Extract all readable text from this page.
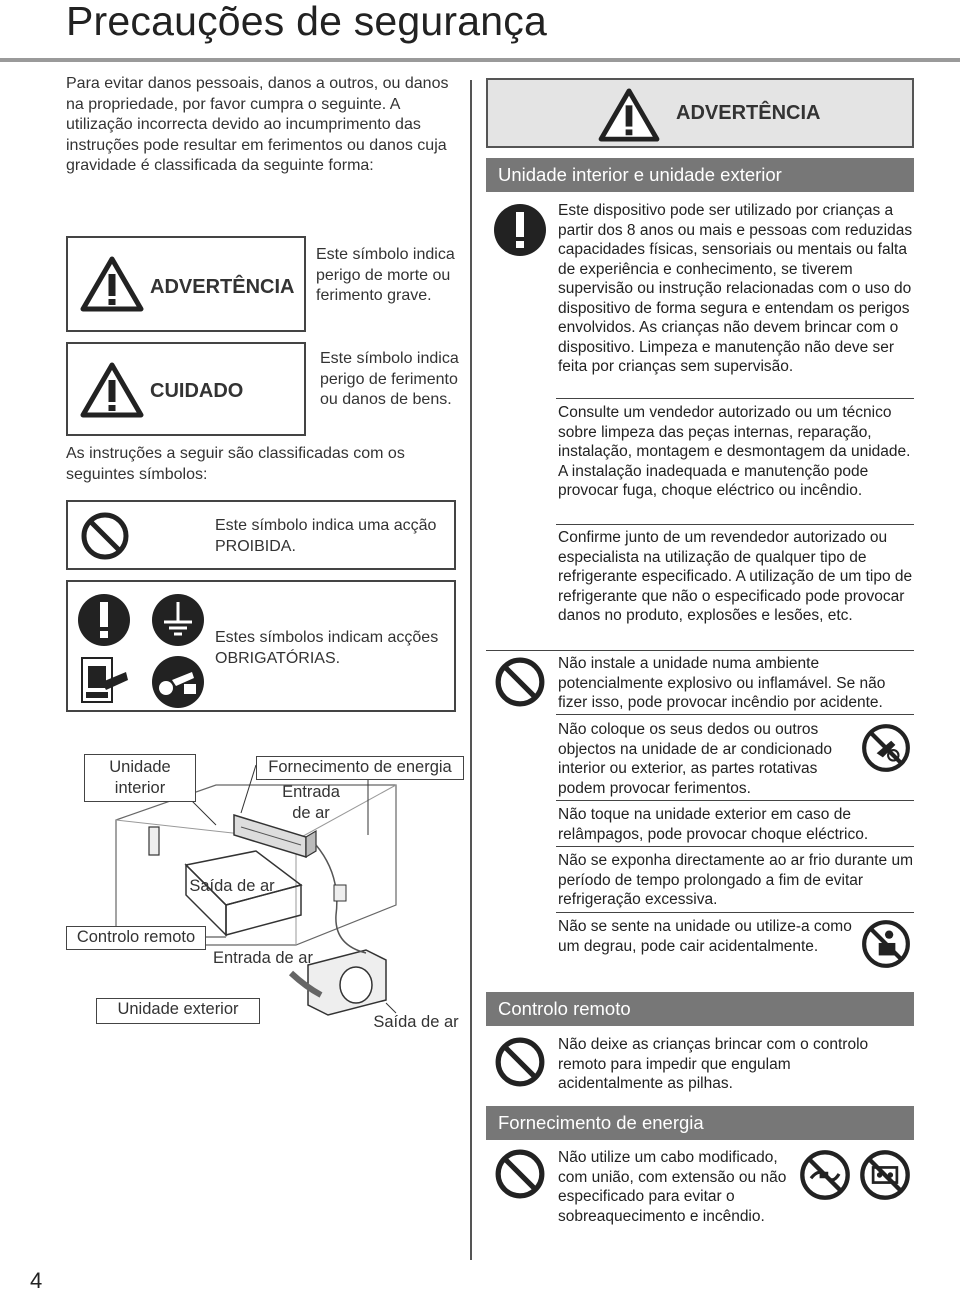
Precauções de segurança
Para evitar danos pessoais, danos a outros, ou danos na propriedade, por favor cumpra o seguinte. A utilização incorrecta devido ao incumprimento das instruções pode resultar em ferimentos ou danos cuja gravidade é classificada da seguinte forma:
ADVERTÊNCIA
Este símbolo indica perigo de morte ou ferimento grave.
CUIDADO
Este símbolo indica perigo de ferimento ou danos de bens.
As instruções a seguir são classificadas com os seguintes símbolos:
Este símbolo indica uma acção PROIBIDA.
Estes símbolos indicam acções OBRIGATÓRIAS.
Unidade interior
Fornecimento de energia
Entrada de ar
Saída de ar
Controlo remoto
Entrada de ar
Unidade exterior
Saída de ar
4
ADVERTÊNCIA
Unidade interior e unidade exterior
Este dispositivo pode ser utilizado por crianças a partir dos 8 anos ou mais e pessoas com reduzidas capacidades físicas, sensoriais ou mentais ou falta de experiência e conhecimento, se tiverem supervisão ou instrução relacionadas com o uso do dispositivo de forma segura e entendam os perigos envolvidos. As crianças não devem brincar com o dispositivo. Limpeza e manutenção não deve ser feita por crianças sem supervisão.
Consulte um vendedor autorizado ou um técnico sobre limpeza das peças internas, reparação, instalação, montagem e desmontagem da unidade. A instalação inadequada e manutenção pode provocar fuga, choque eléctrico ou incêndio.
Confirme junto de um revendedor autorizado ou especialista na utilização de qualquer tipo de refrigerante especificado. A utilização de um tipo de refrigerante que não o especificado pode provocar danos no produto, explosões e lesões, etc.
Não instale a unidade numa ambiente potencialmente explosivo ou inflamável. Se não fizer isso, pode provocar incêndio por acidente.
Não coloque os seus dedos ou outros objectos na unidade de ar condicionado interior ou exterior, as partes rotativas podem provocar ferimentos.
Não toque na unidade exterior em caso de relâmpagos, pode provocar choque eléctrico.
Não se exponha directamente ao ar frio durante um período de tempo prolongado a fim de evitar refrigeração excessiva.
Não se sente na unidade ou utilize-a como um degrau, pode cair acidentalmente.
Controlo remoto
Não deixe as crianças brincar com o controlo remoto para impedir que engulam acidentalmente as pilhas.
Fornecimento de energia
Não utilize um cabo modificado, com união, com extensão ou não especificado para evitar o sobreaquecimento e incêndio.
